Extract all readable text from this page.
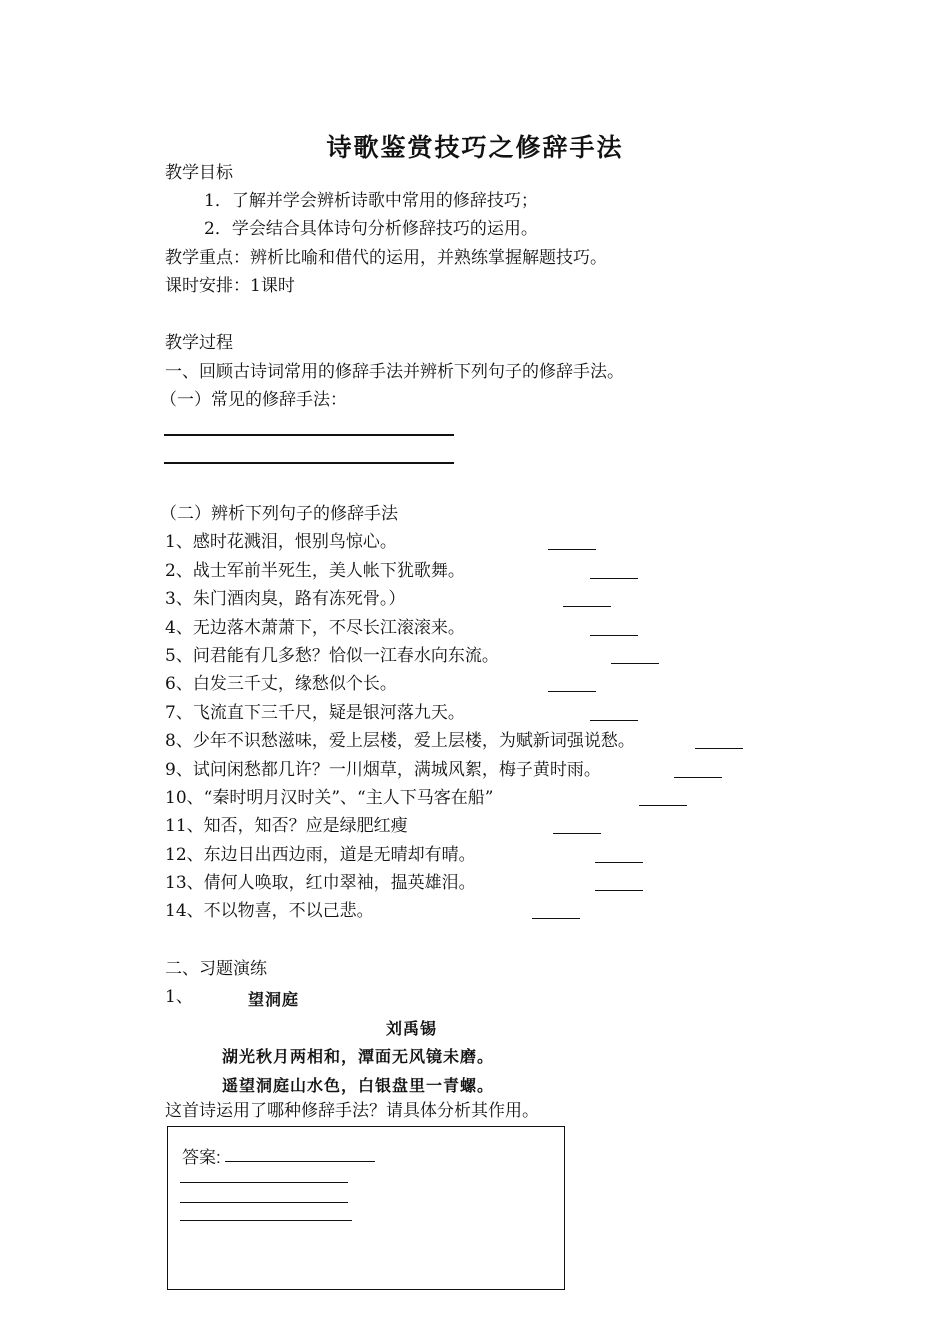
诗歌鉴赏技巧之修辞手法
教学目标
1．了解并学会辨析诗歌中常用的修辞技巧；
2．学会结合具体诗句分析修辞技巧的运用。
教学重点：辨析比喻和借代的运用，并熟练掌握解题技巧。
课时安排：1课时
教学过程
一、回顾古诗词常用的修辞手法并辨析下列句子的修辞手法。
（一）常见的修辞手法：
（二）辨析下列句子的修辞手法
1、感时花溅泪，恨别鸟惊心。
2、战士军前半死生，美人帐下犹歌舞。
3、朱门酒肉臭，路有冻死骨。）
4、无边落木萧萧下，不尽长江滚滚来。
5、问君能有几多愁？恰似一江春水向东流。
6、白发三千丈，缘愁似个长。
7、飞流直下三千尺，疑是银河落九天。
8、少年不识愁滋味，爱上层楼，爱上层楼，为赋新词强说愁。
9、试问闲愁都几许？一川烟草，满城风絮，梅子黄时雨。
10、“秦时明月汉时关”、“主人下马客在船”
11、知否，知否？应是绿肥红瘦
12、东边日出西边雨，道是无晴却有晴。
13、倩何人唤取，红巾翠袖，揾英雄泪。
14、不以物喜，不以己悲。
二、习题演练
1、	望洞庭
刘禹锡
湖光秋月两相和，潭面无风镜未磨。
遥望洞庭山水色，白银盘里一青螺。
这首诗运用了哪种修辞手法？请具体分析其作用。
答案:
